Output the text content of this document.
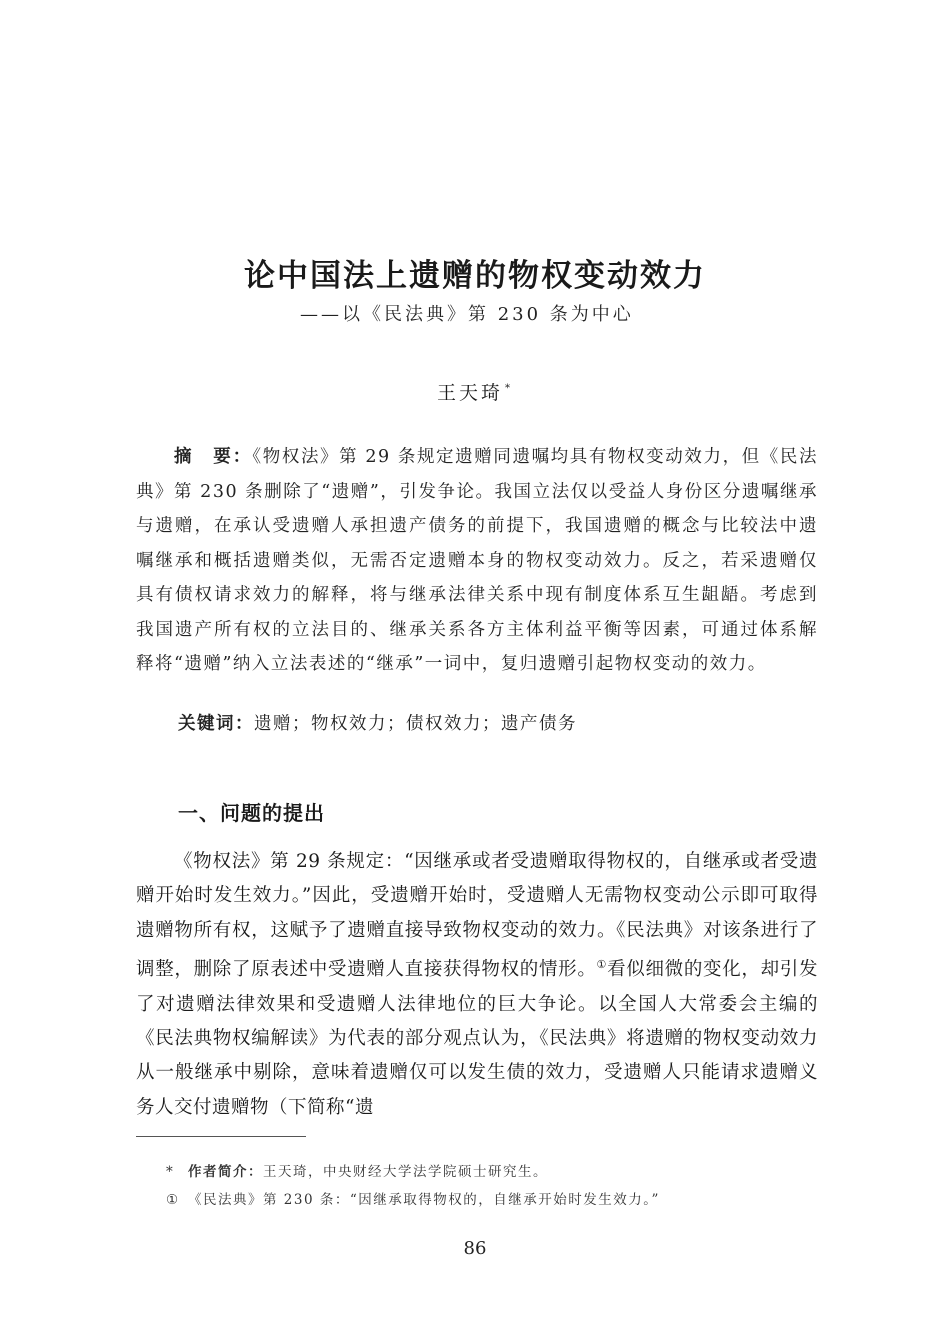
论中国法上遗赠的物权变动效力
——以《民法典》第 230 条为中心
王天琦 *
摘　要：《物权法》第 29 条规定遗赠同遗嘱均具有物权变动效力，但《民法典》第 230 条删除了“遗赠”，引发争论。我国立法仅以受益人身份区分遗嘱继承与遗赠，在承认受遗赠人承担遗产债务的前提下，我国遗赠的概念与比较法中遗嘱继承和概括遗赠类似，无需否定遗赠本身的物权变动效力。反之，若采遗赠仅具有债权请求效力的解释，将与继承法律关系中现有制度体系互生龃龉。考虑到我国遗产所有权的立法目的、继承关系各方主体利益平衡等因素，可通过体系解释将“遗赠”纳入立法表述的“继承”一词中，复归遗赠引起物权变动的效力。
关键词：遗赠；物权效力；债权效力；遗产债务
一、问题的提出
《物权法》第 29 条规定：“因继承或者受遗赠取得物权的，自继承或者受遗赠开始时发生效力。”因此，受遗赠开始时，受遗赠人无需物权变动公示即可取得遗赠物所有权，这赋予了遗赠直接导致物权变动的效力。《民法典》对该条进行了调整，删除了原表述中受遗赠人直接获得物权的情形。①看似细微的变化，却引发了对遗赠法律效果和受遗赠人法律地位的巨大争论。以全国人大常委会主编的《民法典物权编解读》为代表的部分观点认为，《民法典》将遗赠的物权变动效力从一般继承中剔除，意味着遗赠仅可以发生债的效力，受遗赠人只能请求遗赠义务人交付遗赠物（下简称“遗
* 作者简介：王天琦，中央财经大学法学院硕士研究生。
① 《民法典》第 230 条：“因继承取得物权的，自继承开始时发生效力。”
86
